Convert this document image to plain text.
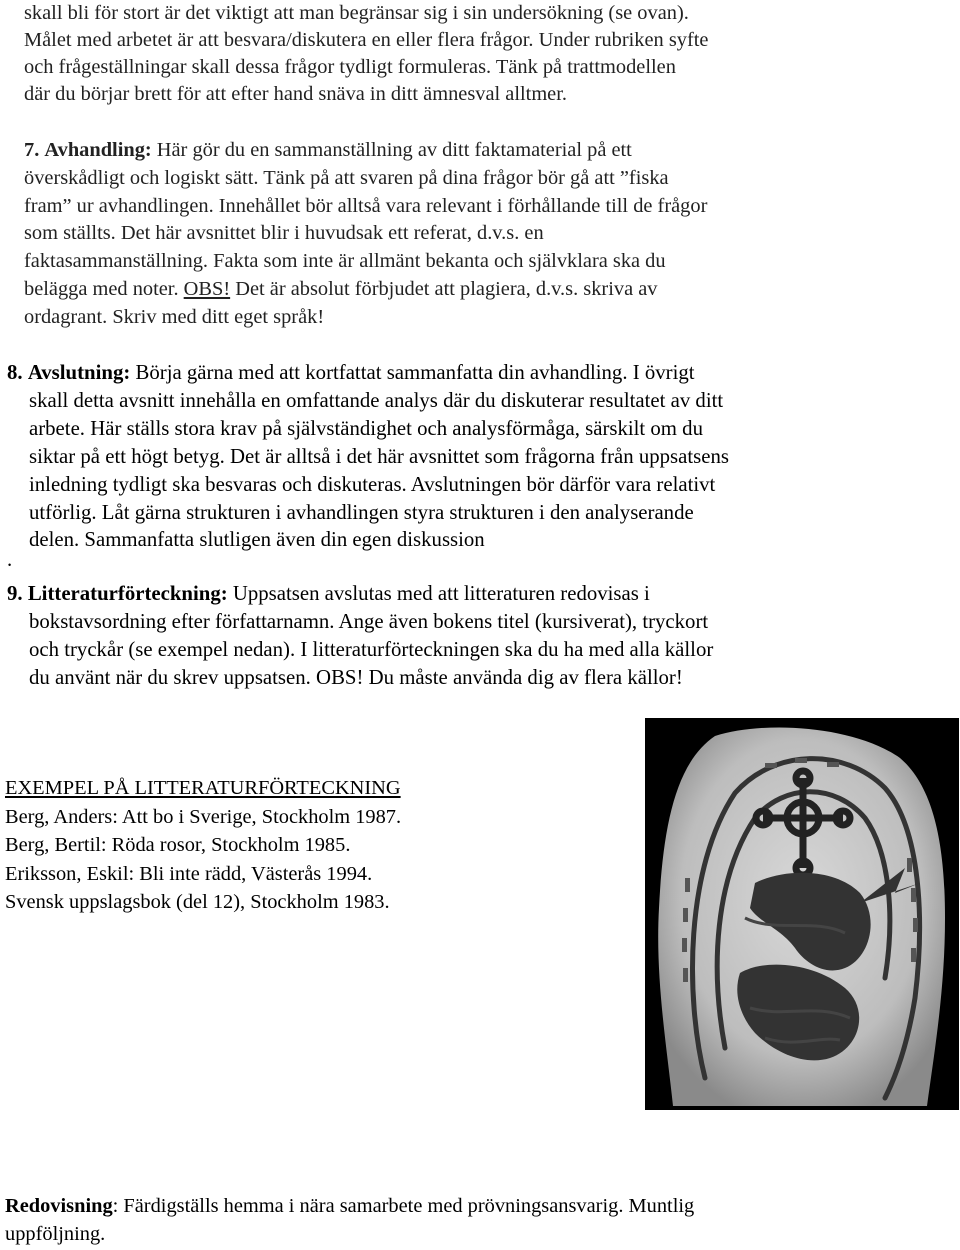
skall bli för stort är det viktigt att man begränsar sig i sin undersökning (se ovan).
Målet med arbetet är att besvara/diskutera en eller flera frågor. Under rubriken syfte
och frågeställningar skall dessa frågor tydligt formuleras. Tänk på trattmodellen
där du börjar brett för att efter hand snäva in ditt ämnesval alltmer.
7. Avhandling: Här gör du en sammanställning av ditt faktamaterial på ett
överskådligt och logiskt sätt. Tänk på att svaren på dina frågor bör gå att ”fiska
fram” ur avhandlingen. Innehållet bör alltså vara relevant i förhållande till de frågor
som ställts. Det här avsnittet blir i huvudsak ett referat, d.v.s. en
faktasammanställning. Fakta som inte är allmänt bekanta och självklara ska du
belägga med noter. OBS! Det är absolut förbjudet att plagiera, d.v.s. skriva av
ordagrant. Skriv med ditt eget språk!
8. Avslutning: Börja gärna med att kortfattat sammanfatta din avhandling. I övrigt
skall detta avsnitt innehålla en omfattande analys där du diskuterar resultatet av ditt
arbete. Här ställs stora krav på självständighet och analysförmåga, särskilt om du
siktar på ett högt betyg. Det är alltså i det här avsnittet som frågorna från uppsatsens
inledning tydligt ska besvaras och diskuteras. Avslutningen bör därför vara relativt
utförlig. Låt gärna strukturen i avhandlingen styra strukturen i den analyserande
delen. Sammanfatta slutligen även din egen diskussion
.
9. Litteraturförteckning: Uppsatsen avslutas med att litteraturen redovisas i
bokstavsordning efter författarnamn. Ange även bokens titel (kursiverat), tryckort
och tryckår (se exempel nedan). I litteraturförteckningen ska du ha med alla källor
du använt när du skrev uppsatsen. OBS! Du måste använda dig av flera källor!
EXEMPEL PÅ LITTERATURFÖRTECKNING
Berg, Anders: Att bo i Sverige, Stockholm 1987.
Berg, Bertil: Röda rosor, Stockholm 1985.
Eriksson, Eskil: Bli inte rädd, Västerås 1994.
Svensk uppslagsbok (del 12), Stockholm 1983.
Redovisning: Färdigställs hemma i nära samarbete med prövningsansvarig. Muntlig
uppföljning.
